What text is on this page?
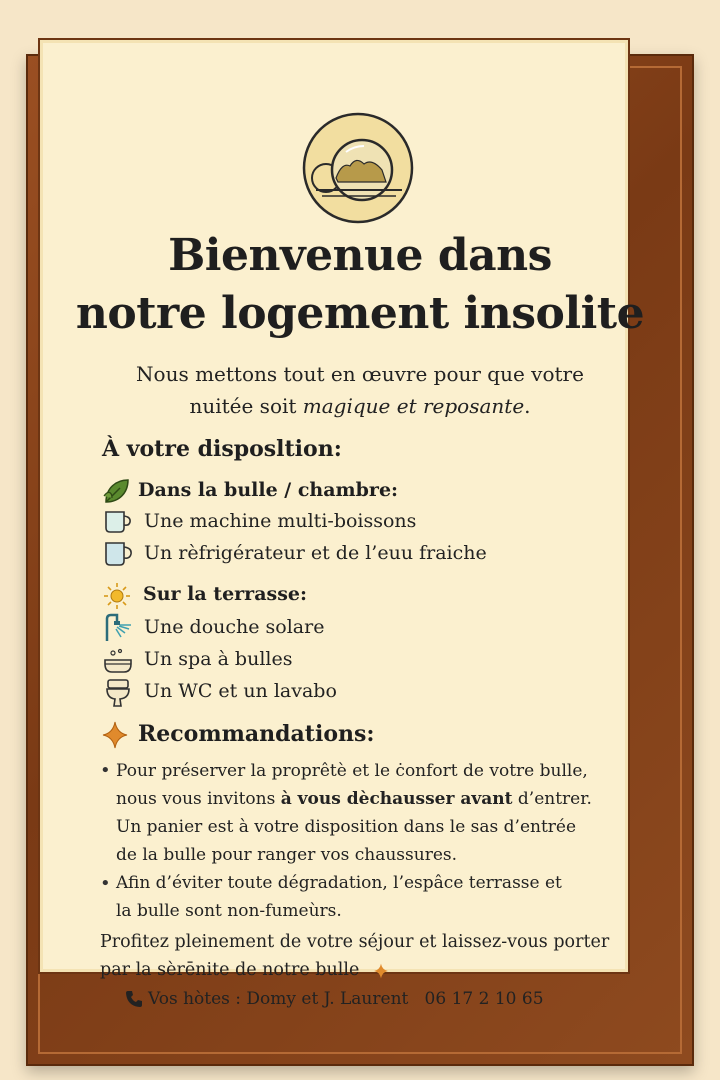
Bienvenue dans
notre logement insolite
Nous mettons tout en œuvre pour que votre
nuitée soit magique et reposante.
À votre disposltion:
Dans la bulle / chambre:
Une machine multi-boissons
Un rèfrigérateur et de l’euu fraiche
Sur la terrasse:
Une douche solare
Un spa à bulles
Un WC et un lavabo
Recommandations:
• Pour préserver la proprêtè et le ċonfort de votre bulle,
nous vous invitons à vous dèchausser avant d’entrer.
Un panier est à votre disposition dans le sas d’entrée
de la bulle pour ranger vos chaussures.
• Afin d’éviter toute dégradation, l’espâce terrasse et
la bulle sont non-fumeùrs.
Profitez pleinement de votre séjour et laissez-vous porter
par la sèrēnite de notre bulle
Vos hòtes : Domy et J. Laurent   06 17 2 10 65
